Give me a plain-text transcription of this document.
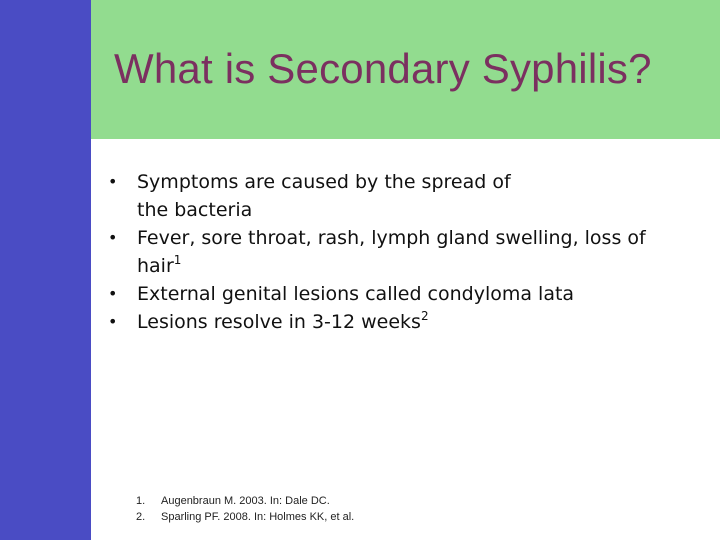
What is Secondary Syphilis?
• Symptoms are caused by the spread of
the bacteria
• Fever, sore throat, rash, lymph gland swelling, loss of
hair$^1$
• External genital lesions called condyloma lata
• Lesions resolve in 3-12 weeks$^2$
1.	Augenbraun M. 2003. In: Dale DC.
2.	Sparling PF. 2008. In: Holmes KK, et al.
